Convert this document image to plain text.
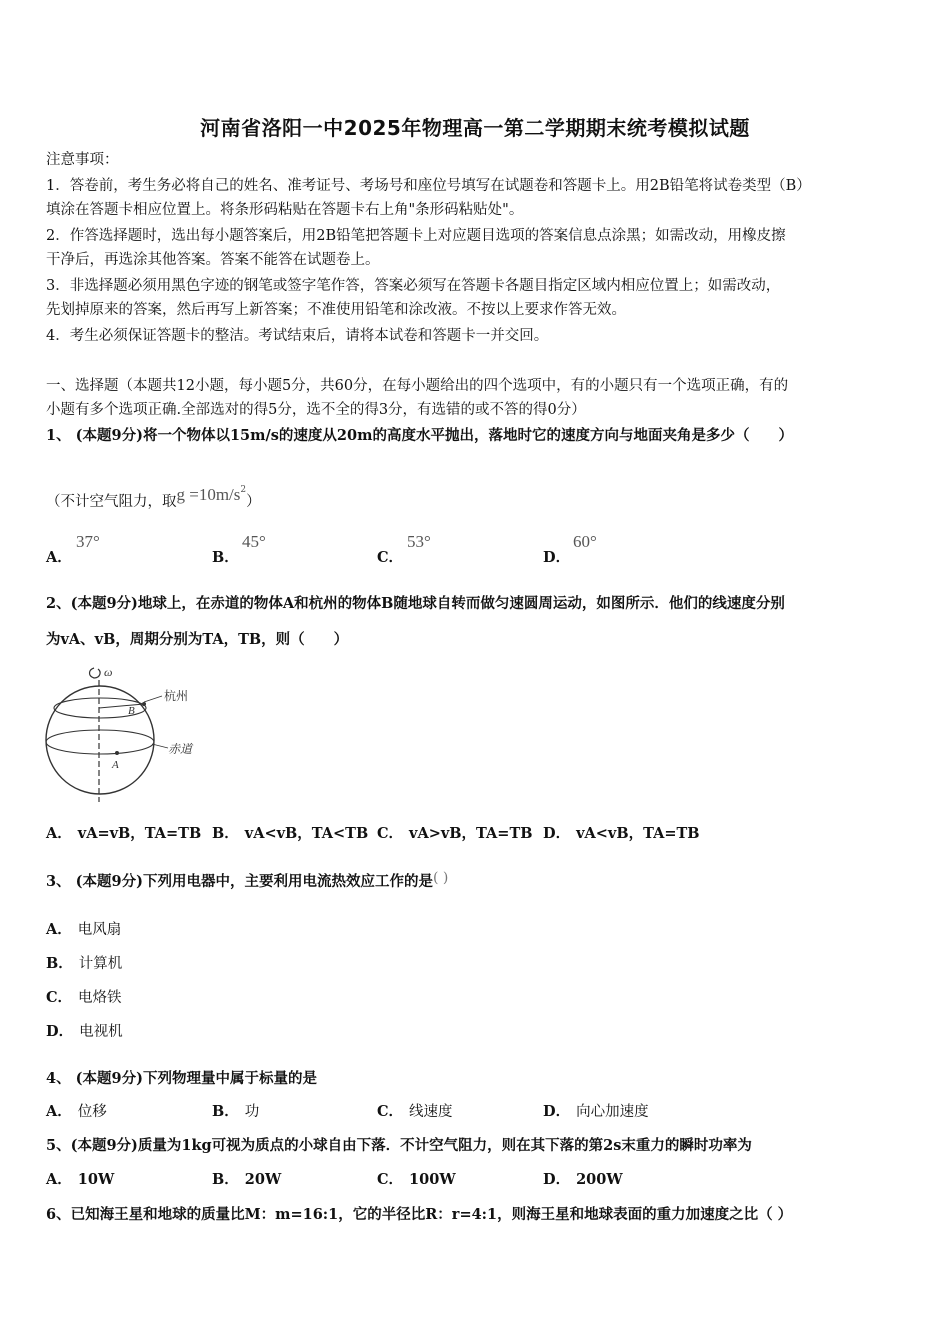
河南省洛阳一中2025年物理高一第二学期期末统考模拟试题
注意事项：
1．答卷前，考生务必将自己的姓名、准考证号、考场号和座位号填写在试题卷和答题卡上。用2B铅笔将试卷类型（B）
填涂在答题卡相应位置上。将条形码粘贴在答题卡右上角"条形码粘贴处"。
2．作答选择题时，选出每小题答案后，用2B铅笔把答题卡上对应题目选项的答案信息点涂黑；如需改动，用橡皮擦
干净后，再选涂其他答案。答案不能答在试题卷上。
3．非选择题必须用黑色字迹的钢笔或签字笔作答，答案必须写在答题卡各题目指定区域内相应位置上；如需改动，
先划掉原来的答案，然后再写上新答案；不准使用铅笔和涂改液。不按以上要求作答无效。
4．考生必须保证答题卡的整洁。考试结束后，请将本试卷和答题卡一并交回。
一、选择题（本题共12小题，每小题5分，共60分，在每小题给出的四个选项中，有的小题只有一个选项正确，有的
小题有多个选项正确.全部选对的得5分，选不全的得3分，有选错的或不答的得0分）
1、 (本题9分)将一个物体以15m/s的速度从20m的高度水平抛出，落地时它的速度方向与地面夹角是多少（　　）
（不计空气阻力，取$g =10m/s^2$）
A．
37°
B．
45°
C．
53°
D．
60°
2、(本题9分)地球上，在赤道的物体A和杭州的物体B随地球自转而做匀速圆周运动，如图所示．他们的线速度分别
为vA、vB，周期分别为TA，TB，则（　　）
ω
B
A
杭州
赤道
A． vA=vB，TA=TB B． vA<vB，TA<TB C． vA>vB，TA=TB D． vA<vB，TA=TB
3、 (本题9分)下列用电器中，主要利用电流热效应工作的是( )
A． 电风扇
B． 计算机
C． 电烙铁
D． 电视机
4、 (本题9分)下列物理量中属于标量的是
A． 位移	B． 功	C． 线速度	D． 向心加速度
5、(本题9分)质量为1kg可视为质点的小球自由下落．不计空气阻力，则在其下落的第2s末重力的瞬时功率为
A． 10W	B． 20W	C． 100W	D． 200W
6、已知海王星和地球的质量比M：m=16:1，它的半径比R：r=4:1，则海王星和地球表面的重力加速度之比（ ）
